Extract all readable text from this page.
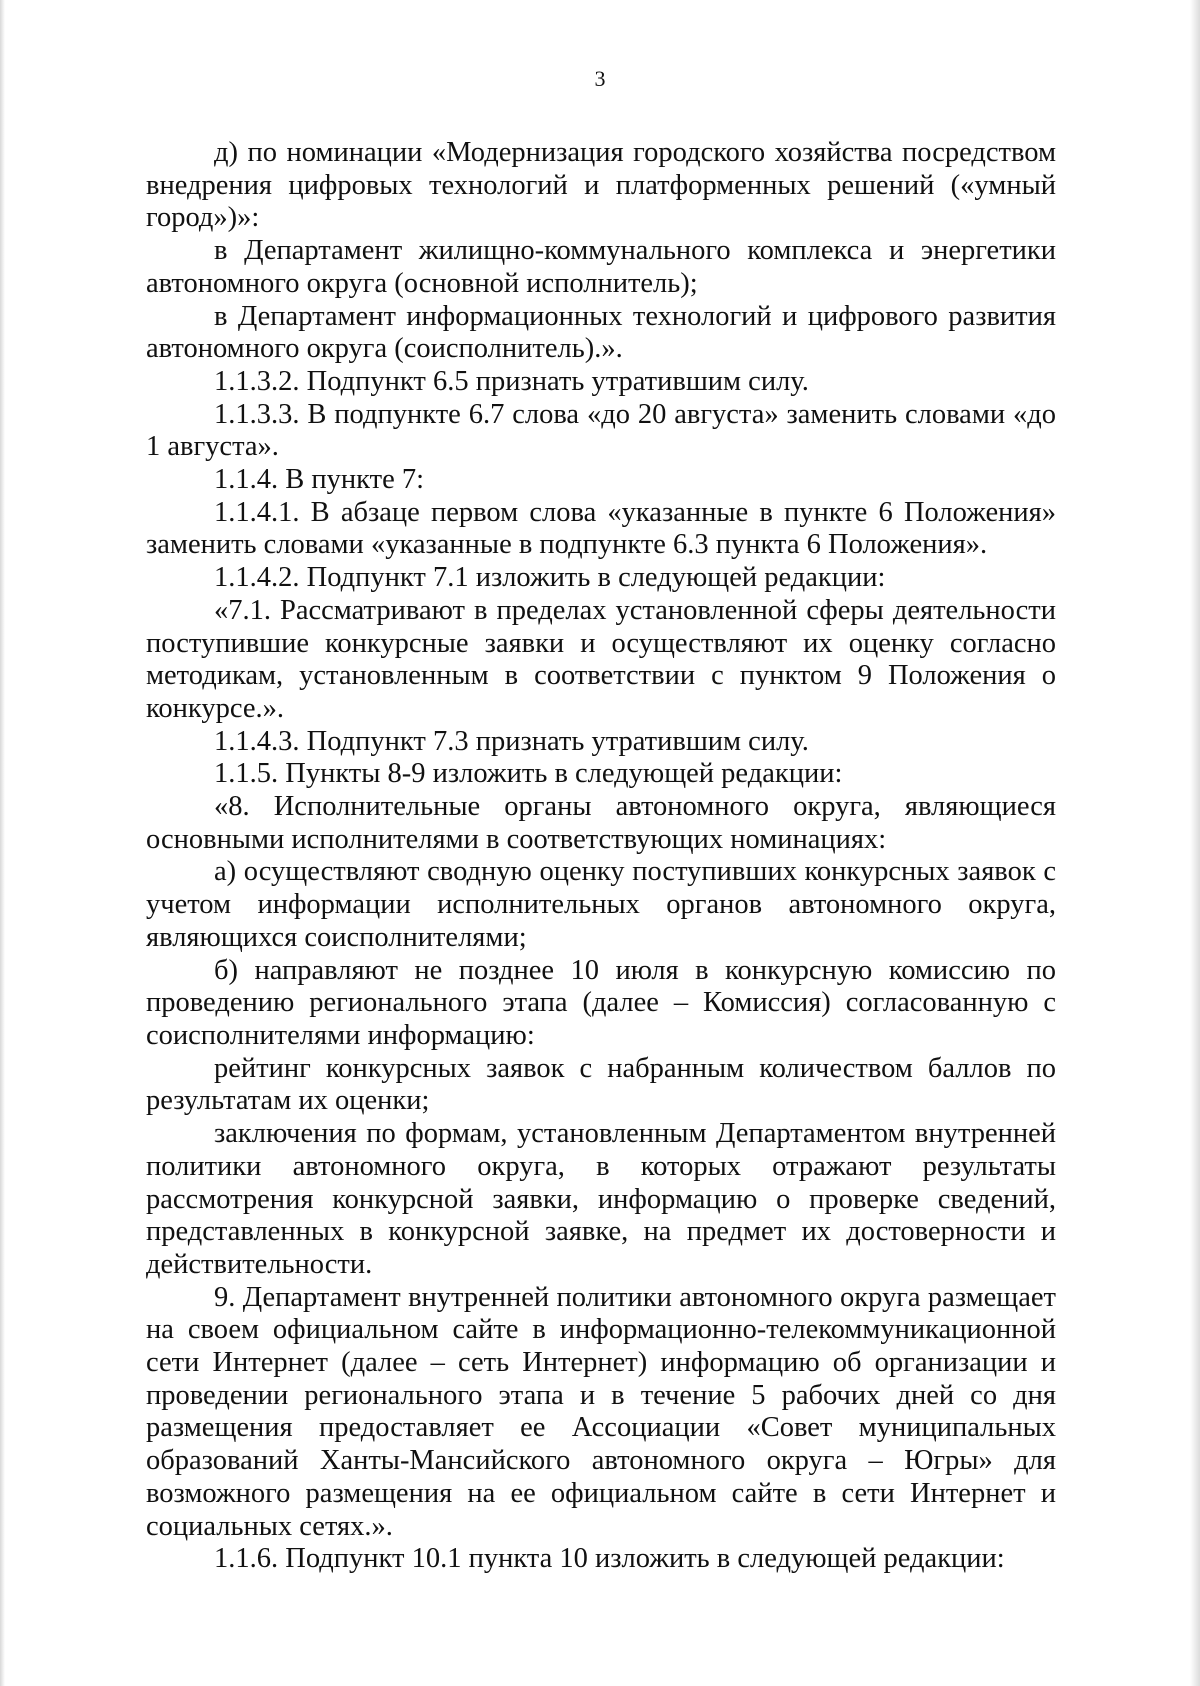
3

д) по номинации «Модернизация городского хозяйства посредством внедрения цифровых технологий и платформенных решений («умный город»)»:

в Департамент жилищно-коммунального комплекса и энергетики автономного округа (основной исполнитель);

в Департамент информационных технологий и цифрового развития автономного округа (соисполнитель).».

1.1.3.2. Подпункт 6.5 признать утратившим силу.

1.1.3.3. В подпункте 6.7 слова «до 20 августа» заменить словами «до 1 августа».

1.1.4. В пункте 7:

1.1.4.1. В абзаце первом слова «указанные в пункте 6 Положения» заменить словами «указанные в подпункте 6.3 пункта 6 Положения».

1.1.4.2. Подпункт 7.1 изложить в следующей редакции:

«7.1. Рассматривают в пределах установленной сферы деятельности поступившие конкурсные заявки и осуществляют их оценку согласно методикам, установленным в соответствии с пунктом 9 Положения о конкурсе.».

1.1.4.3. Подпункт 7.3 признать утратившим силу.

1.1.5. Пункты 8-9 изложить в следующей редакции:

«8. Исполнительные органы автономного округа, являющиеся основными исполнителями в соответствующих номинациях:

а) осуществляют сводную оценку поступивших конкурсных заявок с учетом информации исполнительных органов автономного округа, являющихся соисполнителями;

б) направляют не позднее 10 июля в конкурсную комиссию по проведению регионального этапа (далее – Комиссия) согласованную с соисполнителями информацию:

рейтинг конкурсных заявок с набранным количеством баллов по результатам их оценки;

заключения по формам, установленным Департаментом внутренней политики автономного округа, в которых отражают результаты рассмотрения конкурсной заявки, информацию о проверке сведений, представленных в конкурсной заявке, на предмет их достоверности и действительности.

9. Департамент внутренней политики автономного округа размещает на своем официальном сайте в информационно-телекоммуникационной сети Интернет (далее – сеть Интернет) информацию об организации и проведении регионального этапа и в течение 5 рабочих дней со дня размещения предоставляет ее Ассоциации «Совет муниципальных образований Ханты-Мансийского автономного округа – Югры» для возможного размещения на ее официальном сайте в сети Интернет и социальных сетях.».

1.1.6. Подпункт 10.1 пункта 10 изложить в следующей редакции:
